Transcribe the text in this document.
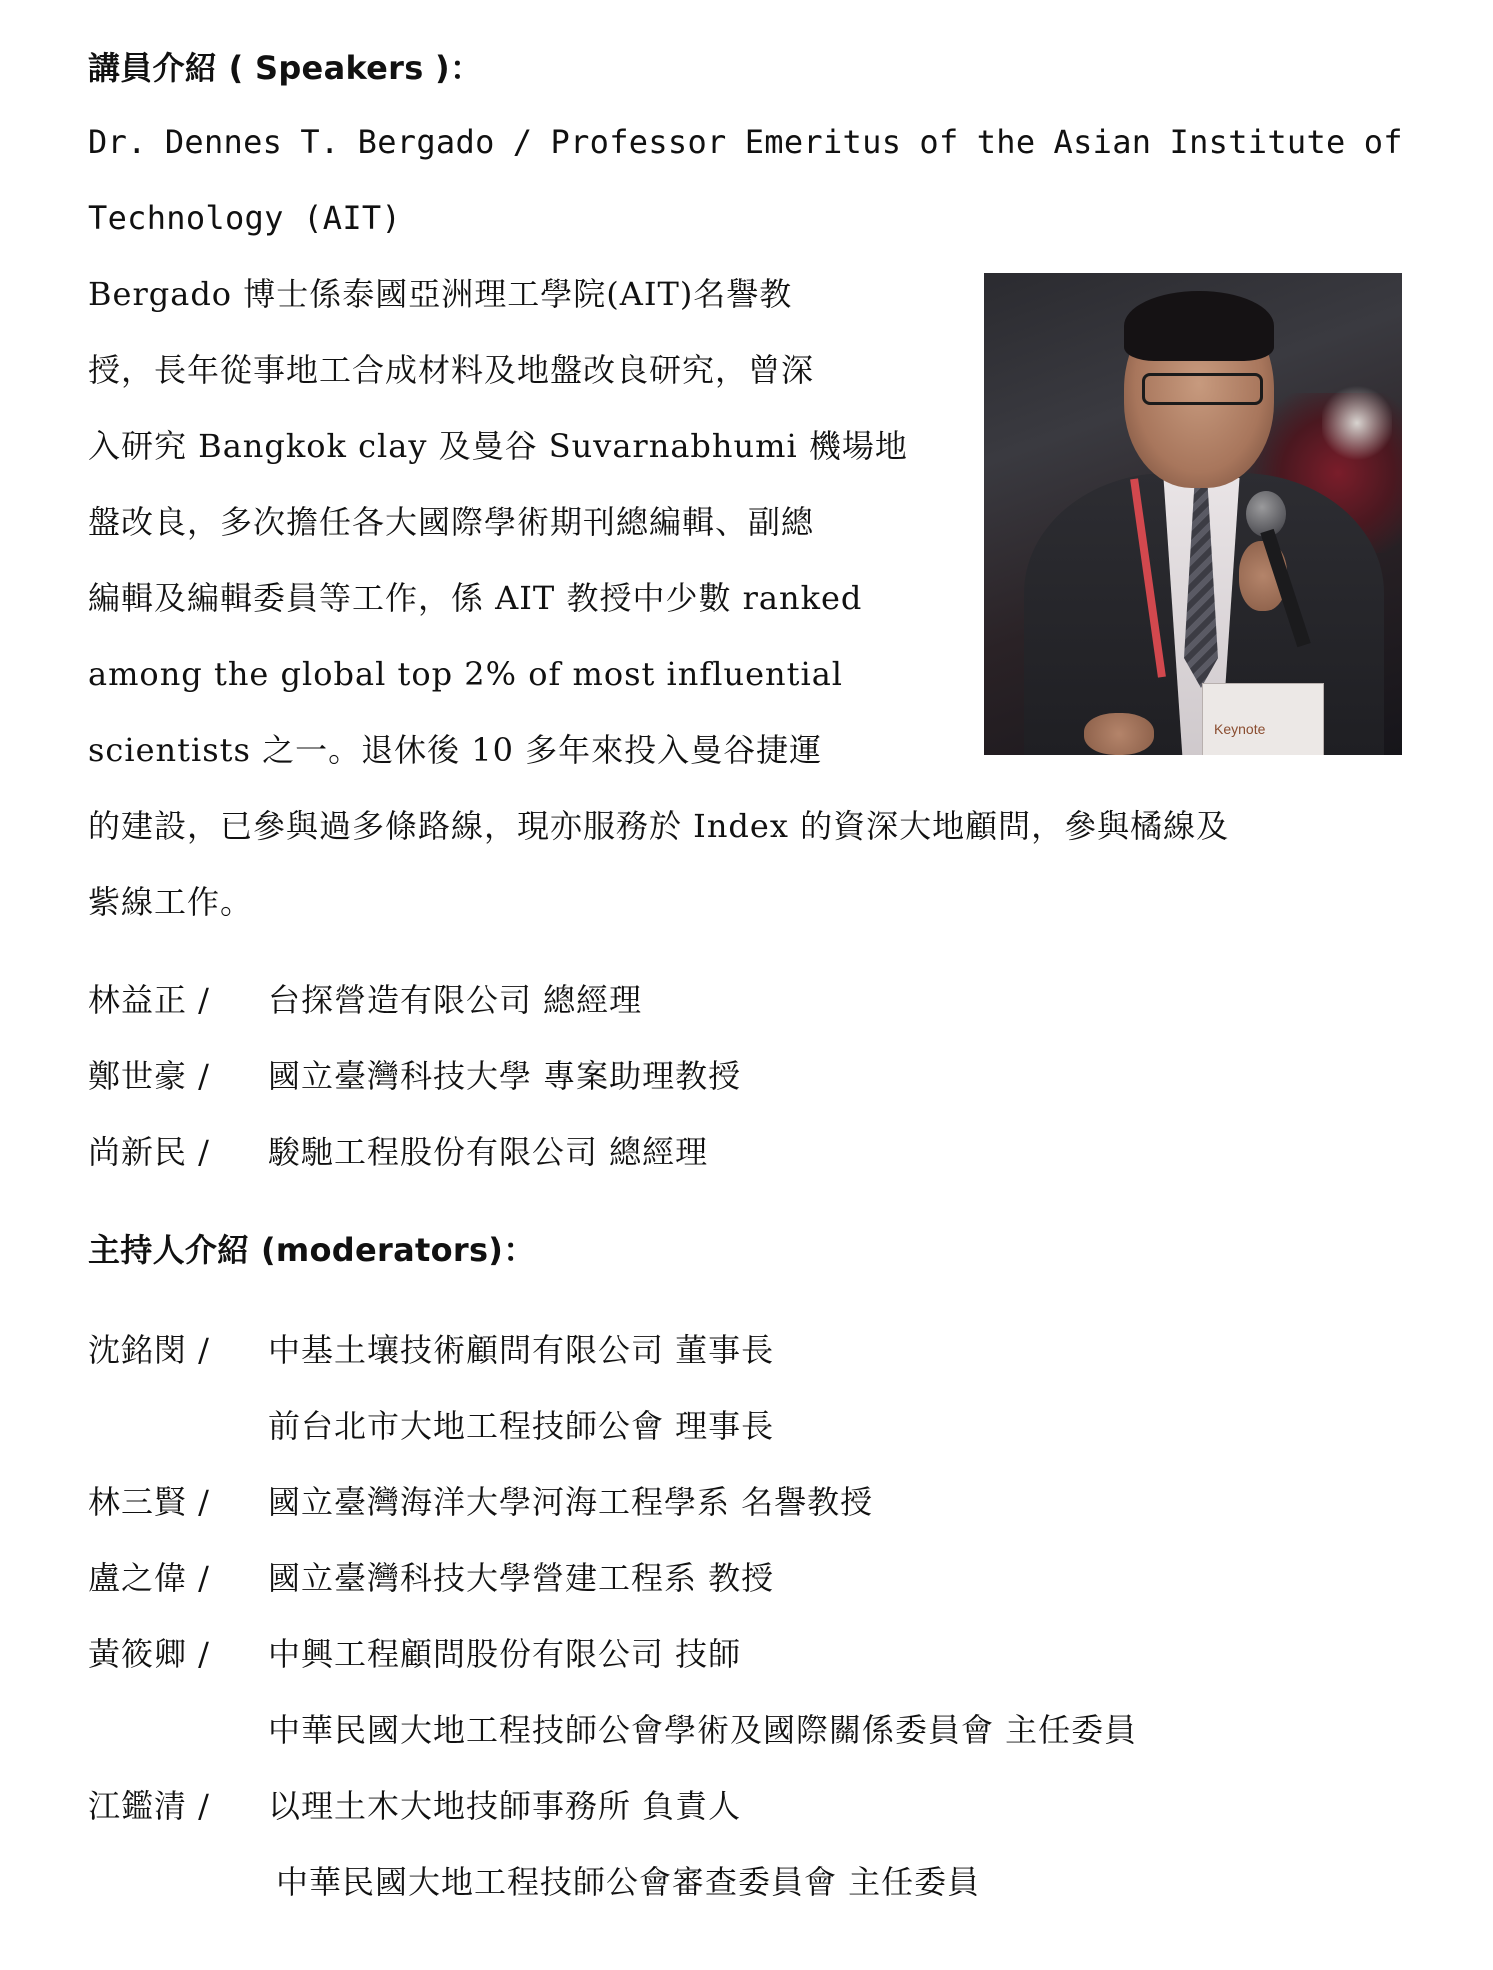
講員介紹 ( Speakers )：
Dr. Dennes T. Bergado / Professor Emeritus of the Asian Institute of
Technology (AIT)
Keynote
Bergado 博士係泰國亞洲理工學院(AIT)名譽教
授，長年從事地工合成材料及地盤改良研究，曾深
入研究 Bangkok clay 及曼谷 Suvarnabhumi 機場地
盤改良，多次擔任各大國際學術期刊總編輯、副總
編輯及編輯委員等工作，係 AIT 教授中少數 ranked
among the global top 2% of most influential
scientists 之一。退休後 10 多年來投入曼谷捷運
的建設，已參與過多條路線，現亦服務於 Index 的資深大地顧問，參與橘線及
紫線工作。
林益正 / 台探營造有限公司 總經理
鄭世豪 / 國立臺灣科技大學 專案助理教授
尚新民 / 駿馳工程股份有限公司 總經理
主持人介紹 (moderators)：
沈銘閔 / 中基土壤技術顧問有限公司 董事長
前台北市大地工程技師公會 理事長
林三賢 / 國立臺灣海洋大學河海工程學系 名譽教授
盧之偉 / 國立臺灣科技大學營建工程系 教授
黃筱卿 / 中興工程顧問股份有限公司 技師
中華民國大地工程技師公會學術及國際關係委員會 主任委員
江鑑清 / 以理土木大地技師事務所 負責人
中華民國大地工程技師公會審查委員會 主任委員
